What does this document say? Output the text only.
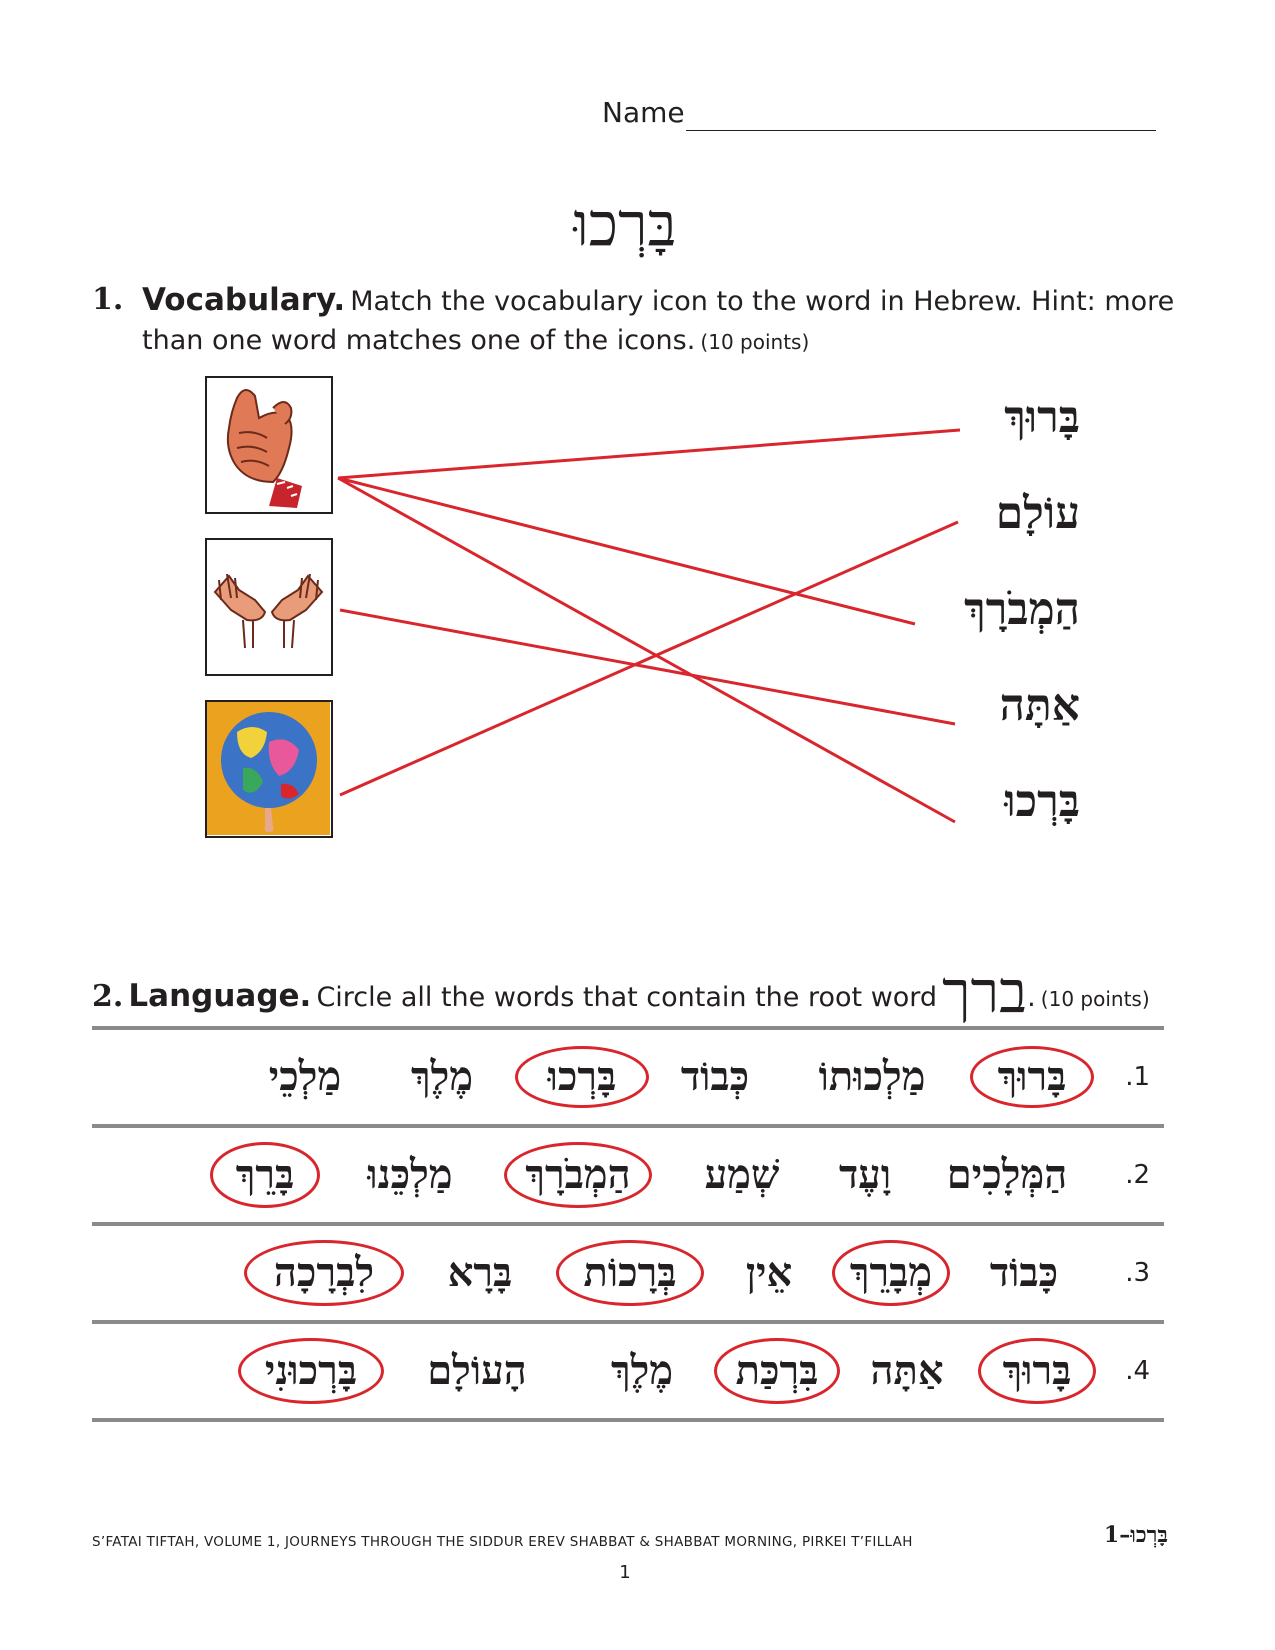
Name
בָּרְכוּ
1. Vocabulary. Match the vocabulary icon to the word in Hebrew. Hint: more than one word matches one of the icons. (10 points)
בָּרוּךְ
עוֹלָם
הַמְבֹרָךְ
אַתָּה
בָּרְכוּ
2. Language. Circle all the words that contain the root word ברך. (10 points)
.1
בָּרוּךְ
מַלְכוּתוֹ
כְּבוֹד
בָּרְכוּ
מֶלֶךְ
מַלְכֵי
.2
הַמְּלָכִים
וָעֶד
שְׁמַע
הַמְבֹרָךְ
מַלְכֵּנוּ
בָּרֵךְ
.3
כָּבוֹד
מְבָרֵךְ
אֵין
בְּרָכוֹת
בָּרָא
לִבְרָכָה
.4
בָּרוּךְ
אַתָּה
בִּרְכַּת
מֶלֶךְ
הָעוֹלָם
בָּרְכוּנִי
S’FATAI TIFTAH, VOLUME 1, JOURNEYS THROUGH THE SIDDUR EREV SHABBAT & SHABBAT MORNING, PIRKEI T’FILLAH	בָּרְכוּ–1
1
